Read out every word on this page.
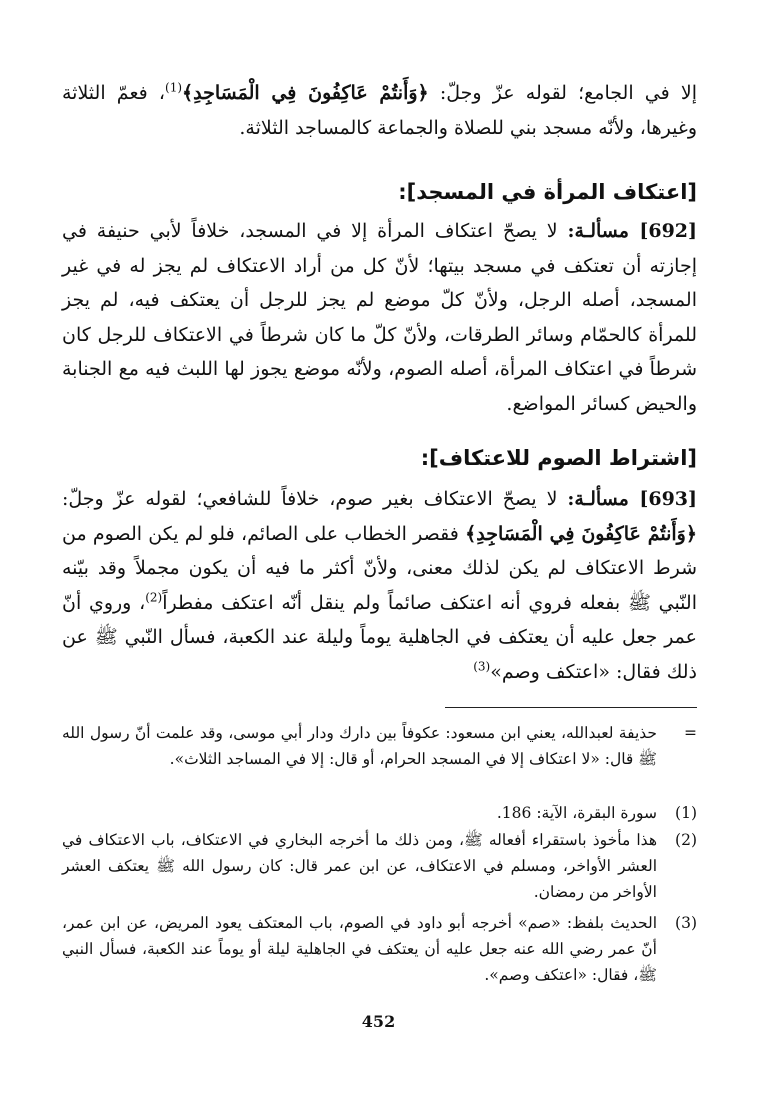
إلا في الجامع؛ لقوله عزّ وجلّ: ﴿وَأَنتُمْ عَاكِفُونَ فِي الْمَسَاجِدِ﴾$^{(1)}$، فعمّ الثلاثة وغيرها، ولأنّه مسجد بني للصلاة والجماعة كالمساجد الثلاثة.
[اعتكاف المرأة في المسجد]:
[692] مسألـة: لا يصحّ اعتكاف المرأة إلا في المسجد، خلافاً لأبي حنيفة في إجازته أن تعتكف في مسجد بيتها؛ لأنّ كل من أراد الاعتكاف لم يجز له في غير المسجد، أصله الرجل، ولأنّ كلّ موضع لم يجز للرجل أن يعتكف فيه، لم يجز للمرأة كالحمّام وسائر الطرقات، ولأنّ كلّ ما كان شرطاً في الاعتكاف للرجل كان شرطاً في اعتكاف المرأة، أصله الصوم، ولأنّه موضع يجوز لها اللبث فيه مع الجنابة والحيض كسائر المواضع.
[اشتراط الصوم للاعتكاف]:
[693] مسألـة: لا يصحّ الاعتكاف بغير صوم، خلافاً للشافعي؛ لقوله عزّ وجلّ: ﴿وَأَنتُمْ عَاكِفُونَ فِي الْمَسَاجِدِ﴾ فقصر الخطاب على الصائم، فلو لم يكن الصوم من شرط الاعتكاف لم يكن لذلك معنى، ولأنّ أكثر ما فيه أن يكون مجملاً وقد بيّنه النّبي ﷺ بفعله فروي أنه اعتكف صائماً ولم ينقل أنّه اعتكف مفطراً$^{(2)}$، وروي أنّ عمر جعل عليه أن يعتكف في الجاهلية يوماً وليلة عند الكعبة، فسأل النّبي ﷺ عن ذلك فقال: «اعتكف وصم»$^{(3)}$
=
حذيفة لعبدالله، يعني ابن مسعود: عكوفاً بين دارك ودار أبي موسى، وقد علمت أنّ رسول الله ﷺ قال: «لا اعتكاف إلا في المسجد الحرام، أو قال: إلا في المساجد الثلاث».
(1)
سورة البقرة، الآية: 186.
(2)
هذا مأخوذ باستقراء أفعاله ﷺ، ومن ذلك ما أخرجه البخاري في الاعتكاف، باب الاعتكاف في العشر الأواخر، ومسلم في الاعتكاف، عن ابن عمر قال: كان رسول الله ﷺ يعتكف العشر الأواخر من رمضان.
(3)
الحديث بلفظ: «صم» أخرجه أبو داود في الصوم، باب المعتكف يعود المريض، عن ابن عمر، أنّ عمر رضي الله عنه جعل عليه أن يعتكف في الجاهلية ليلة أو يوماً عند الكعبة، فسأل النبي ﷺ، فقال: «اعتكف وصم».
452
